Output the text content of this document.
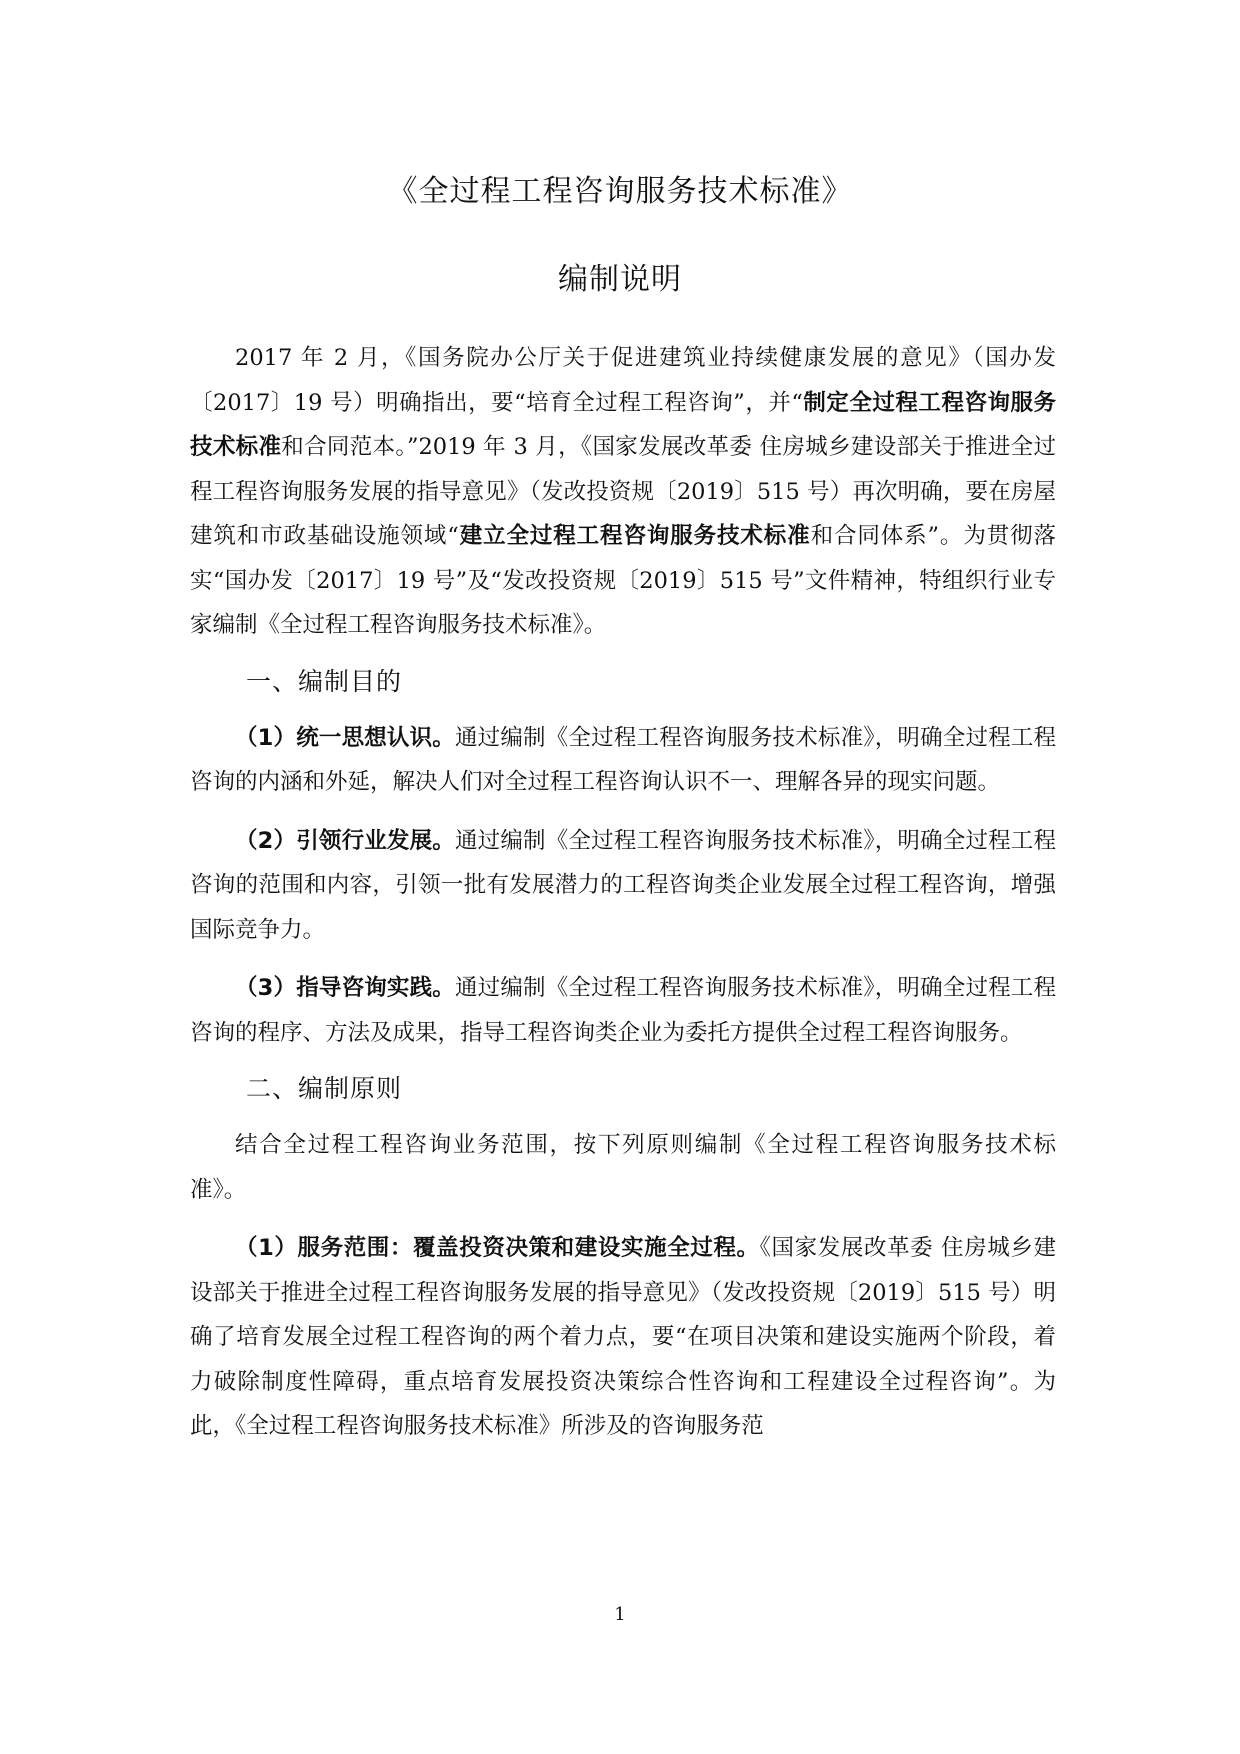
《全过程工程咨询服务技术标准》
编制说明

2017 年 2 月，《国务院办公厅关于促进建筑业持续健康发展的意见》（国办发〔2017〕19 号）明确指出，要“培育全过程工程咨询”，并“制定全过程工程咨询服务技术标准和合同范本。”2019 年 3 月，《国家发展改革委 住房城乡建设部关于推进全过程工程咨询服务发展的指导意见》（发改投资规〔2019〕515 号）再次明确，要在房屋建筑和市政基础设施领域“建立全过程工程咨询服务技术标准和合同体系”。为贯彻落实“国办发〔2017〕19 号”及“发改投资规〔2019〕515 号”文件精神，特组织行业专家编制《全过程工程咨询服务技术标准》。

一、编制目的

（1）统一思想认识。通过编制《全过程工程咨询服务技术标准》，明确全过程工程咨询的内涵和外延，解决人们对全过程工程咨询认识不一、理解各异的现实问题。

（2）引领行业发展。通过编制《全过程工程咨询服务技术标准》，明确全过程工程咨询的范围和内容，引领一批有发展潜力的工程咨询类企业发展全过程工程咨询，增强国际竞争力。

（3）指导咨询实践。通过编制《全过程工程咨询服务技术标准》，明确全过程工程咨询的程序、方法及成果，指导工程咨询类企业为委托方提供全过程工程咨询服务。

二、编制原则

结合全过程工程咨询业务范围，按下列原则编制《全过程工程咨询服务技术标准》。

（1）服务范围：覆盖投资决策和建设实施全过程。《国家发展改革委 住房城乡建设部关于推进全过程工程咨询服务发展的指导意见》（发改投资规〔2019〕515 号）明确了培育发展全过程工程咨询的两个着力点，要“在项目决策和建设实施两个阶段，着力破除制度性障碍，重点培育发展投资决策综合性咨询和工程建设全过程咨询”。为此，《全过程工程咨询服务技术标准》所涉及的咨询服务范

1
